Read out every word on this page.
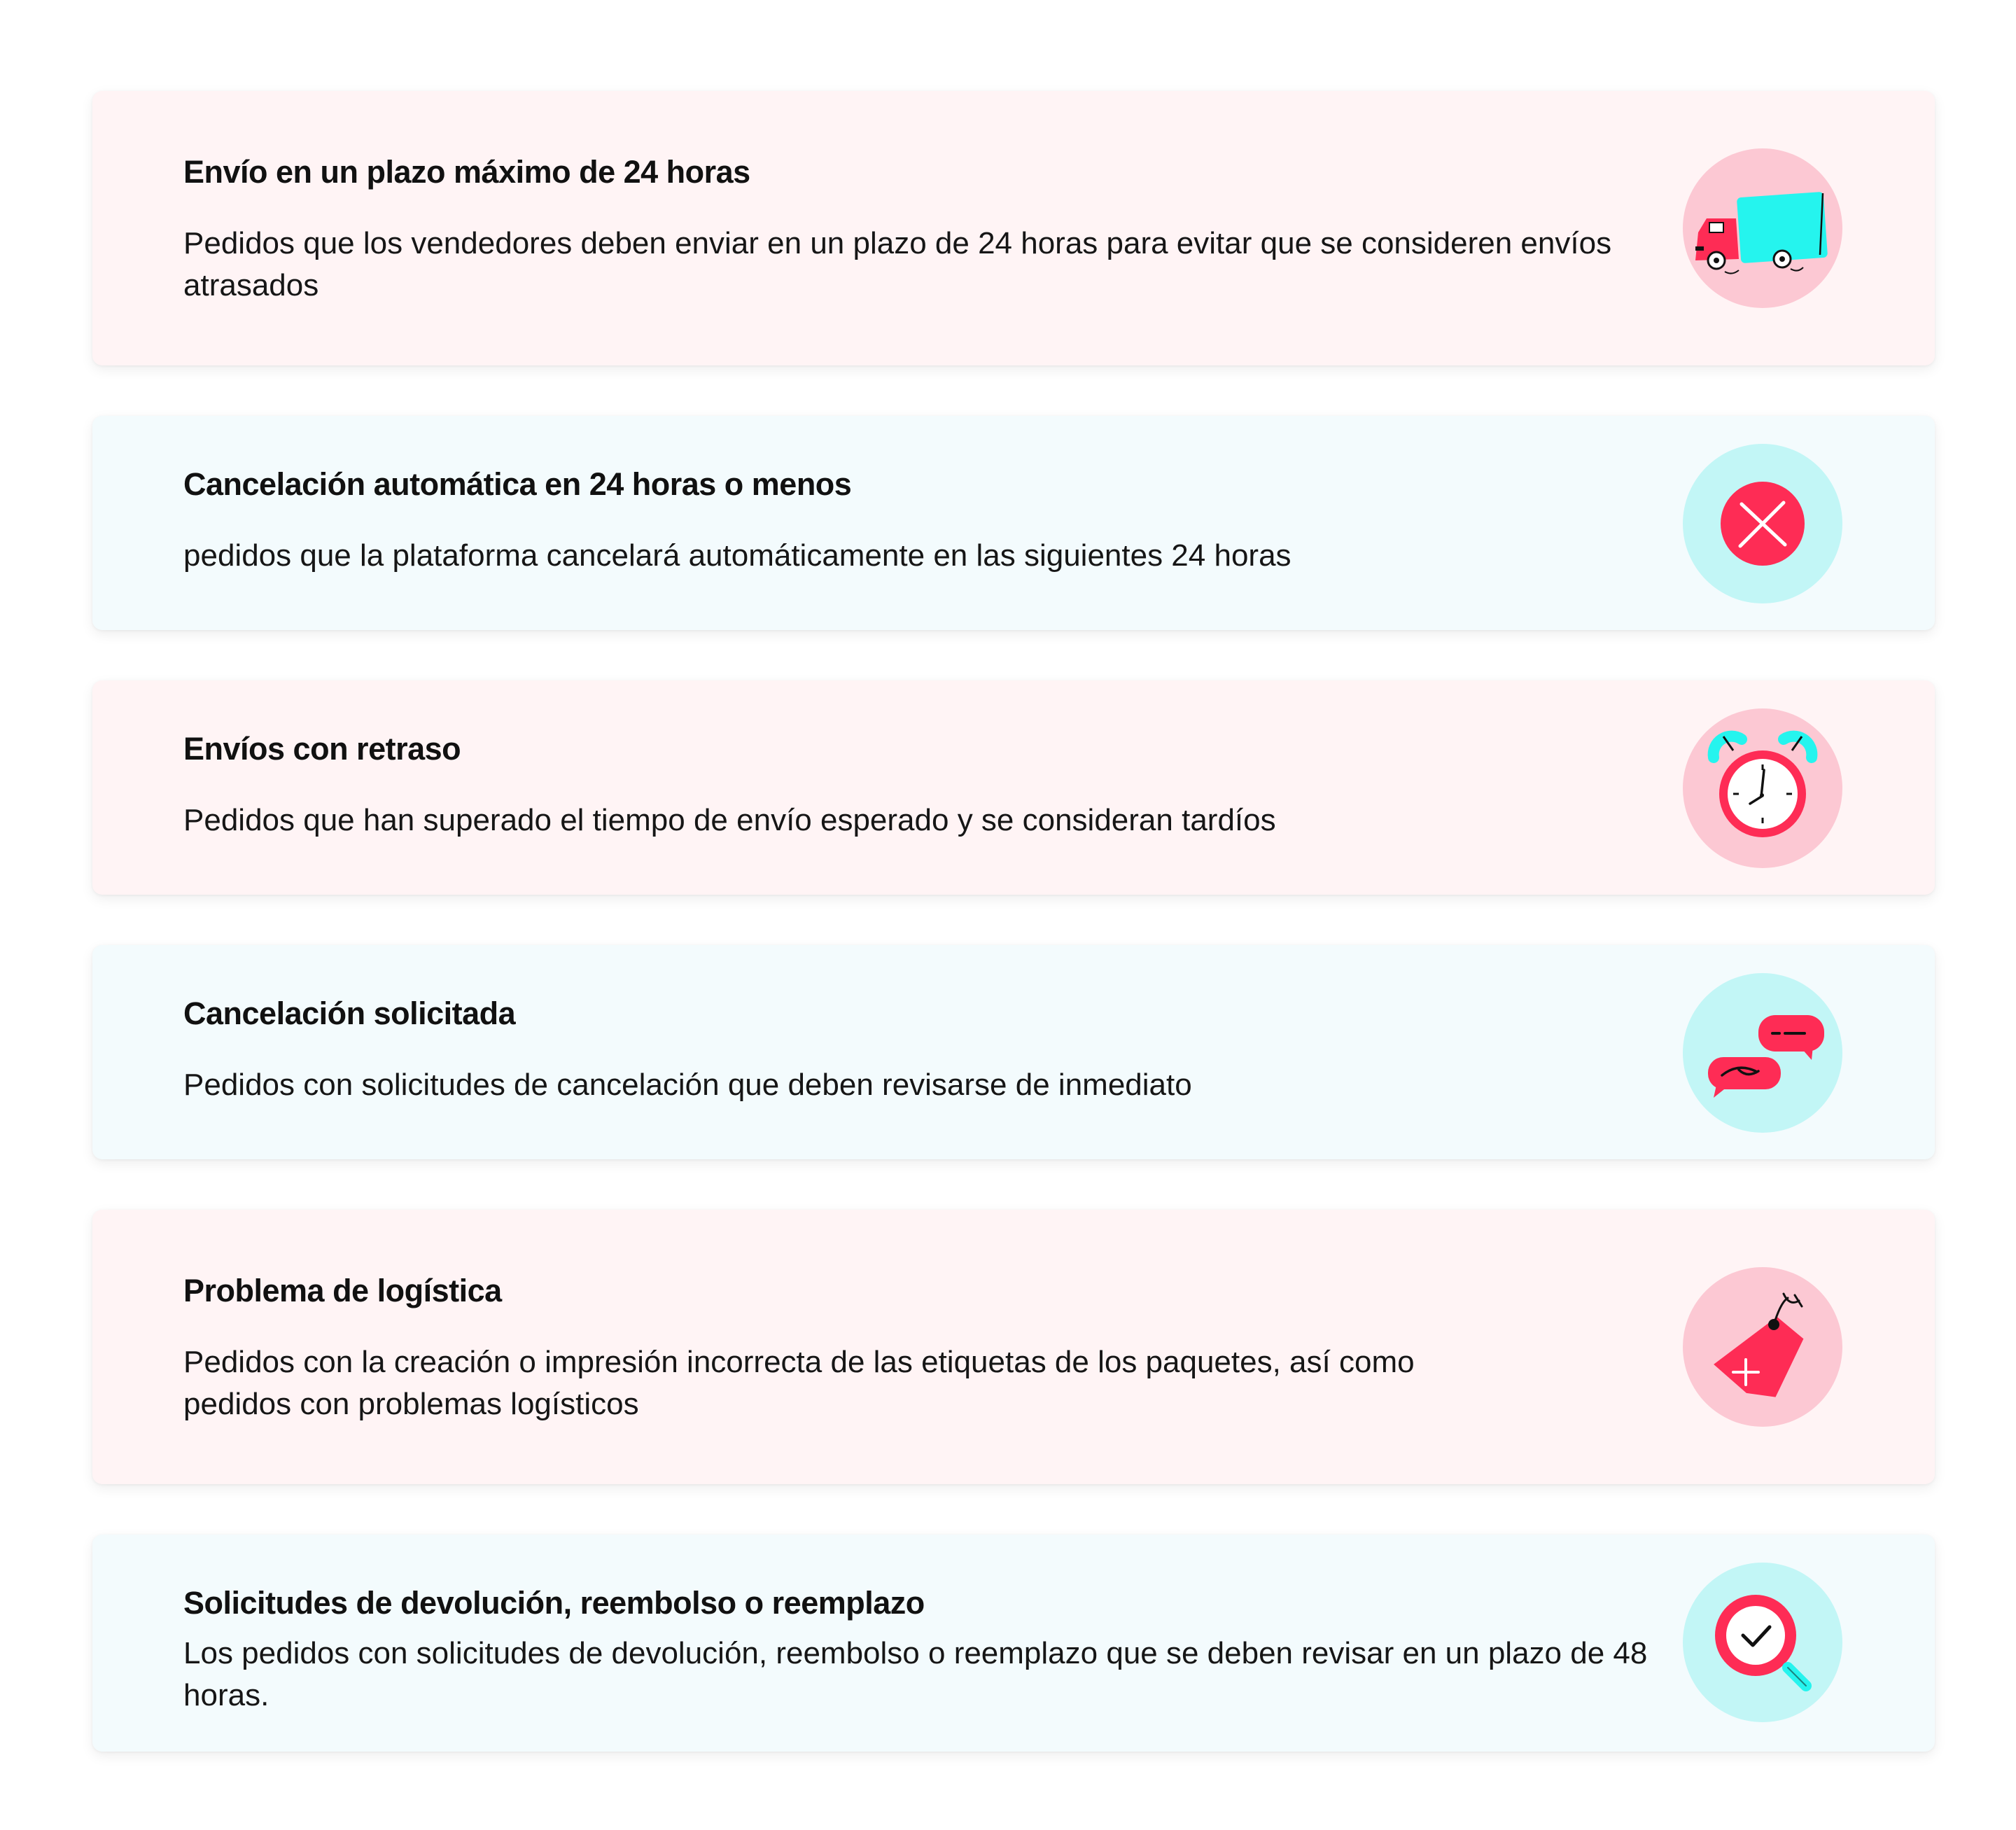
Envío en un plazo máximo de 24 horas
Pedidos que los vendedores deben enviar en un plazo de 24 horas para evitar que se consideren envíos atrasados
Cancelación automática en 24 horas o menos
pedidos que la plataforma cancelará automáticamente en las siguientes 24 horas
Envíos con retraso
Pedidos que han superado el tiempo de envío esperado y se consideran tardíos
Cancelación solicitada
Pedidos con solicitudes de cancelación que deben revisarse de inmediato
Problema de logística
Pedidos con la creación o impresión incorrecta de las etiquetas de los paquetes, así como pedidos con problemas logísticos
Solicitudes de devolución, reembolso o reemplazo
Los pedidos con solicitudes de devolución, reembolso o reemplazo que se deben revisar en un plazo de 48 horas.
